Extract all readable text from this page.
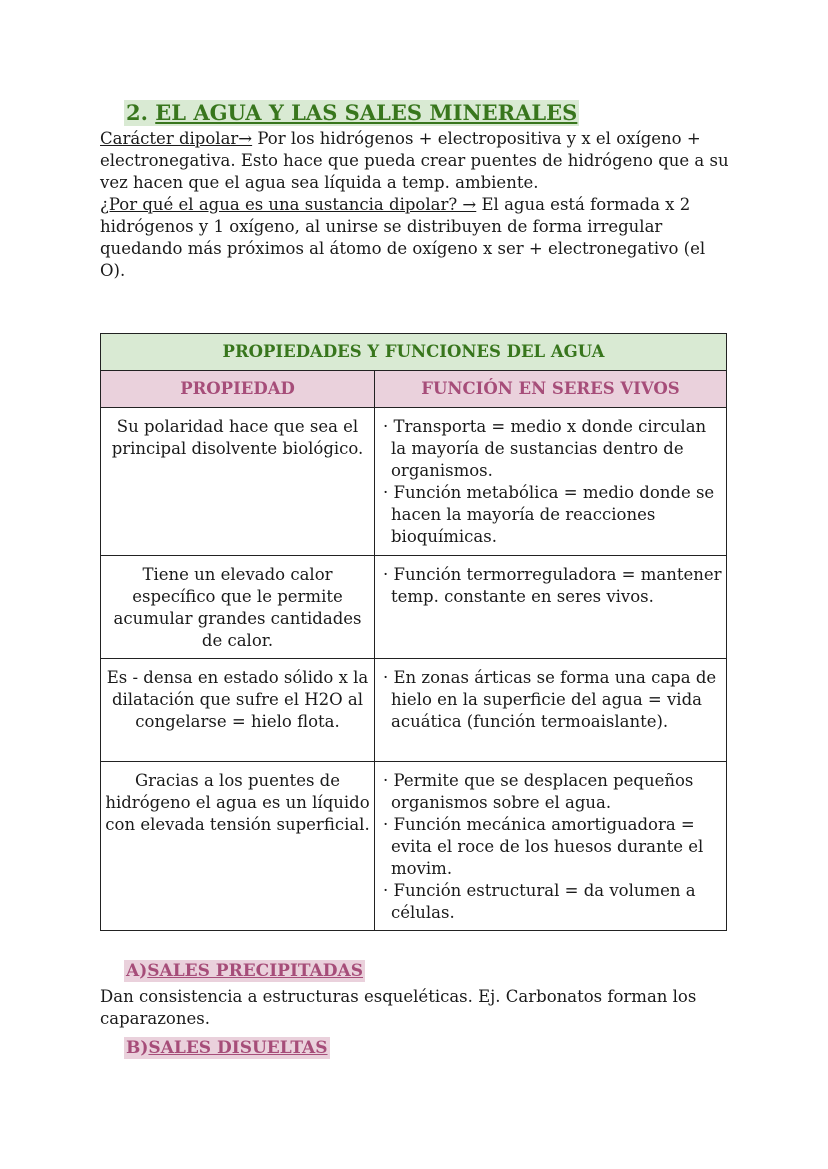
2. EL AGUA Y LAS SALES MINERALES
Carácter dipolar→ Por los hidrógenos + electropositiva y x el oxígeno + electronegativa. Esto hace que pueda crear puentes de hidrógeno que a su vez hacen que el agua sea líquida a temp. ambiente.
¿Por qué el agua es una sustancia dipolar? → El agua está formada x 2 hidrógenos y 1 oxígeno, al unirse se distribuyen de forma irregular quedando más próximos al átomo de oxígeno x ser + electronegativo (el O).
PROPIEDADES Y FUNCIONES DEL AGUA	
PROPIEDAD	FUNCIÓN EN SERES VIVOS
Su polaridad hace que sea el principal disolvente biológico.	· Transporta = medio x donde circulan la mayoría de sustancias dentro de organismos.
· Función metabólica = medio donde se hacen la mayoría de reacciones bioquímicas.

Tiene un elevado calor específico que le permite acumular grandes cantidades de calor.	· Función termorreguladora = mantener temp. constante en seres vivos.

Es - densa en estado sólido x la dilatación que sufre el H2O al congelarse = hielo flota.	· En zonas árticas se forma una capa de hielo en la superficie del agua = vida acuática (función termoaislante).

Gracias a los puentes de hidrógeno el agua es un líquido con elevada tensión superficial.	· Permite que se desplacen pequeños organismos sobre el agua.
· Función mecánica amortiguadora = evita el roce de los huesos durante el movim.
· Función estructural = da volumen a células.
A)SALES PRECIPITADAS
Dan consistencia a estructuras esqueléticas. Ej. Carbonatos forman los caparazones.
B)SALES DISUELTAS
